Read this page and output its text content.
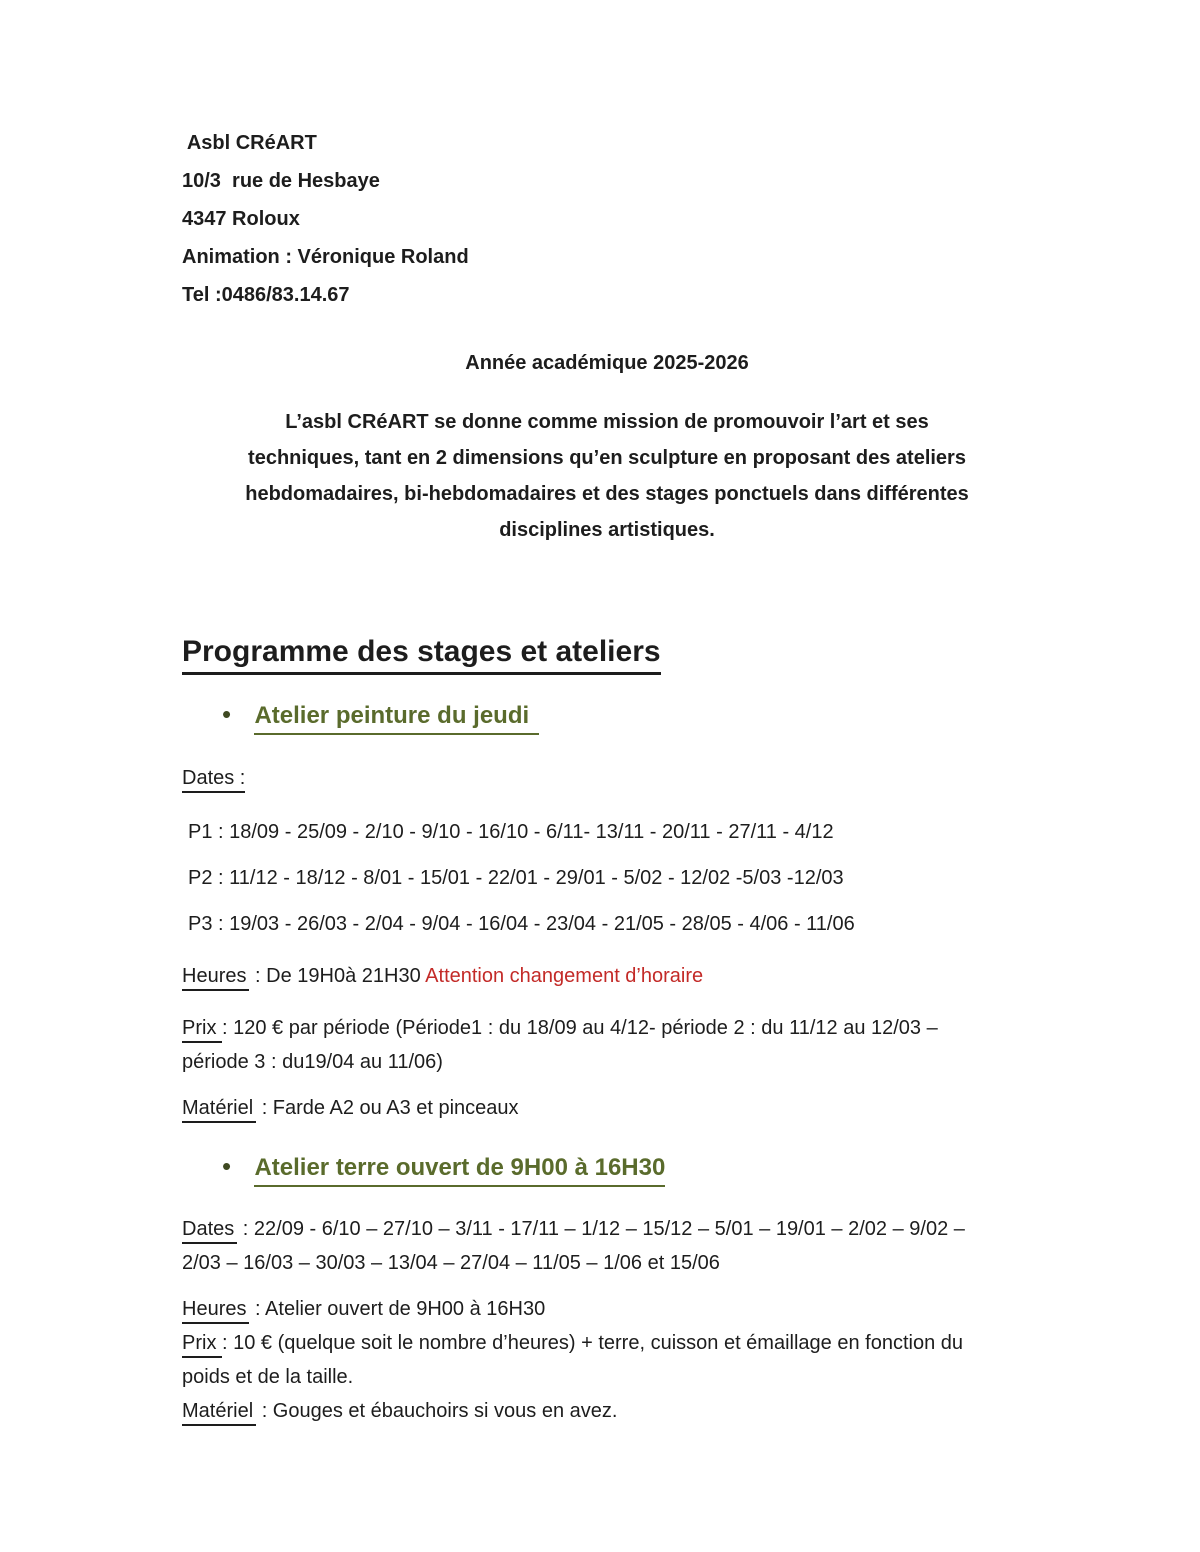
Asbl CRéART
10/3  rue de Hesbaye
4347 Roloux
Animation : Véronique Roland
Tel :0486/83.14.67
Année académique 2025-2026
L’asbl CRéART se donne comme mission de promouvoir l’art et ses
techniques, tant en 2 dimensions qu’en sculpture en proposant des ateliers
hebdomadaires, bi-hebdomadaires et des stages ponctuels dans différentes
disciplines artistiques.
Programme des stages et ateliers
• Atelier peinture du jeudi

Dates :

P1 : 18/09 - 25/09 - 2/10 - 9/10 - 16/10 - 6/11- 13/11 - 20/11 - 27/11 - 4/12

P2 : 11/12 - 18/12 - 8/01 - 15/01 - 22/01 - 29/01 - 5/02 - 12/02 -5/03 -12/03

P3 : 19/03 - 26/03 - 2/04 - 9/04 - 16/04 - 23/04 - 21/05 - 28/05 - 4/06 - 11/06

Heures : De 19H0à 21H30 Attention changement d’horaire

Prix : 120 € par période (Période1 : du 18/09 au 4/12- période 2 : du 11/12 au 12/03 –
période 3 : du19/04 au 11/06)

Matériel : Farde A2 ou A3 et pinceaux

• Atelier terre ouvert de 9H00 à 16H30

Dates : 22/09 - 6/10 – 27/10 – 3/11 - 17/11 – 1/12 – 15/12 – 5/01 – 19/01 – 2/02 – 9/02 –
2/03 – 16/03 – 30/03 – 13/04 – 27/04 – 11/05 – 1/06 et 15/06

Heures : Atelier ouvert de 9H00 à 16H30

Prix : 10 € (quelque soit le nombre d’heures) + terre, cuisson et émaillage en fonction du
poids et de la taille.

Matériel : Gouges et ébauchoirs si vous en avez.
